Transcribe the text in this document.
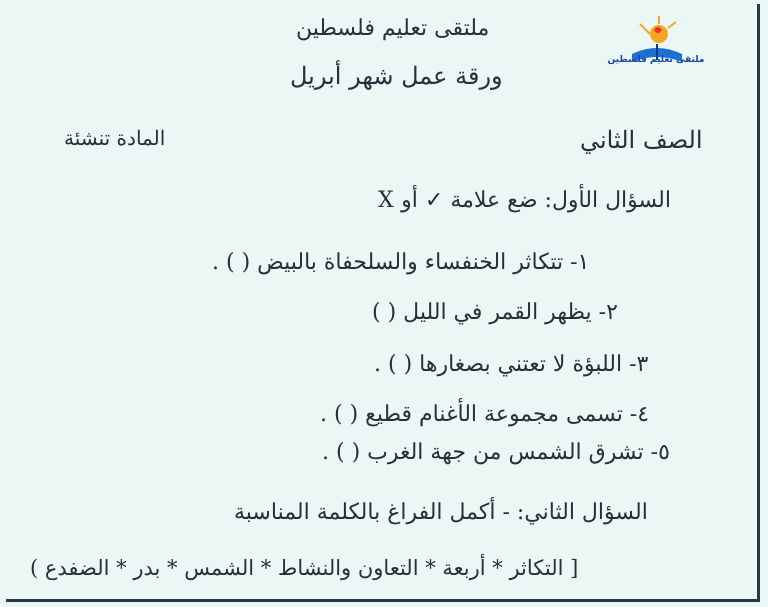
ملتقى تعليم فلسطين
ملتقى تعليم فلسطين
ورقة عمل شهر أبريل
الصف الثاني
المادة تنشئة
السؤال الأول: ضع علامة ✓ أو X
١- تتكاثر الخنفساء والسلحفاة بالبيض ( ) .
٢- يظهر القمر في الليل ( )
٣- اللبؤة لا تعتني بصغارها ( ) .
٤- تسمى مجموعة الأغنام قطيع ( ) .
٥- تشرق الشمس من جهة الغرب ( ) .
السؤال الثاني: - أكمل الفراغ بالكلمة المناسبة
[ التكاثر * أربعة * التعاون والنشاط * الشمس * بدر * الضفدع )
